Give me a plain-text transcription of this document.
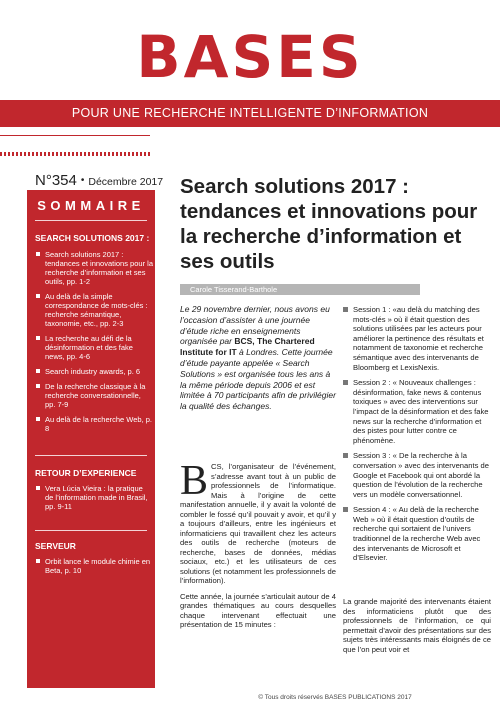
BASES
POUR UNE RECHERCHE INTELLIGENTE D’INFORMATION
N°354 • Décembre 2017
SOMMAIRE
SEARCH SOLUTIONS 2017 :
Search solutions 2017 : tendances et innovations pour la recherche d’information et ses outils, pp. 1-2
Au delà de la simple correspondance de mots-clés : recherche sémantique, taxonomie, etc., pp. 2-3
La recherche au défi de la désinformation et des fake news, pp. 4-6
Search industry awards, p. 6
De la recherche classique à la recherche conversationnelle, pp. 7-9
Au delà de la recherche Web, p. 8
RETOUR D’EXPERIENCE
Vera Lúcia Vieira : la pratique de l’information made in Brasil, pp. 9-11
SERVEUR
Orbit lance le module chimie en Beta, p. 10
Search solutions 2017 : tendances et innovations pour la recherche d’information et ses outils
Carole Tisserand-Barthole
Le 29 novembre dernier, nous avons eu l’occasion d’assister à une journée d’étude riche en enseignements organisée par BCS, The Chartered Institute for IT à Londres. Cette journée d’étude payante appelée « Search Solutions » est organisée tous les ans à la même période depuis 2006 et est limitée à 70 participants afin de privilégier la qualité des échanges.

BCS, l’organisateur de l’événement, s’adresse avant tout à un public de professionnels de l’informatique. Mais à l’origine de cette manifestation annuelle, il y avait la volonté de combler le fossé qu’il pouvait y avoir, et qu’il y a toujours d’ailleurs, entre les ingénieurs et informaticiens qui travaillent chez les acteurs des outils de recherche (moteurs de recherche, bases de données, médias sociaux, etc.) et les utilisateurs de ces solutions (et notamment les professionnels de l’information).

Cette année, la journée s’articulait autour de 4 grandes thématiques au cours desquelles chaque intervenant effectuait une présentation de 15 minutes :

Session 1 : «au delà du matching des mots-clés » où il était question des solutions utilisées par les acteurs pour améliorer la pertinence des résultats et notamment de taxonomie et recherche sémantique avec des intervenants de Bloomberg et LexisNexis.
Session 2 : « Nouveaux challenges : désinformation, fake news & contenus toxiques » avec des interventions sur l’impact de la désinformation et des fake news sur la recherche d’information et des pistes pour lutter contre ce phénomène.
Session 3 : « De la recherche à la conversation » avec des intervenants de Google et Facebook qui ont abordé la question de l’évolution de la recherche vers un modèle conversationnel.
Session 4 : « Au delà de la recherche Web » où il était question d’outils de recherche qui sortaient de l’univers traditionnel de la recherche Web avec des intervenants de Microsoft et d’Elsevier.
La grande majorité des intervenants étaient des informaticiens plutôt que des professionnels de l’information, ce qui permettait d’avoir des présentations sur des sujets très intéressants mais éloignés de ce que l’on peut voir et
© Tous droits réservés BASES PUBLICATIONS 2017
